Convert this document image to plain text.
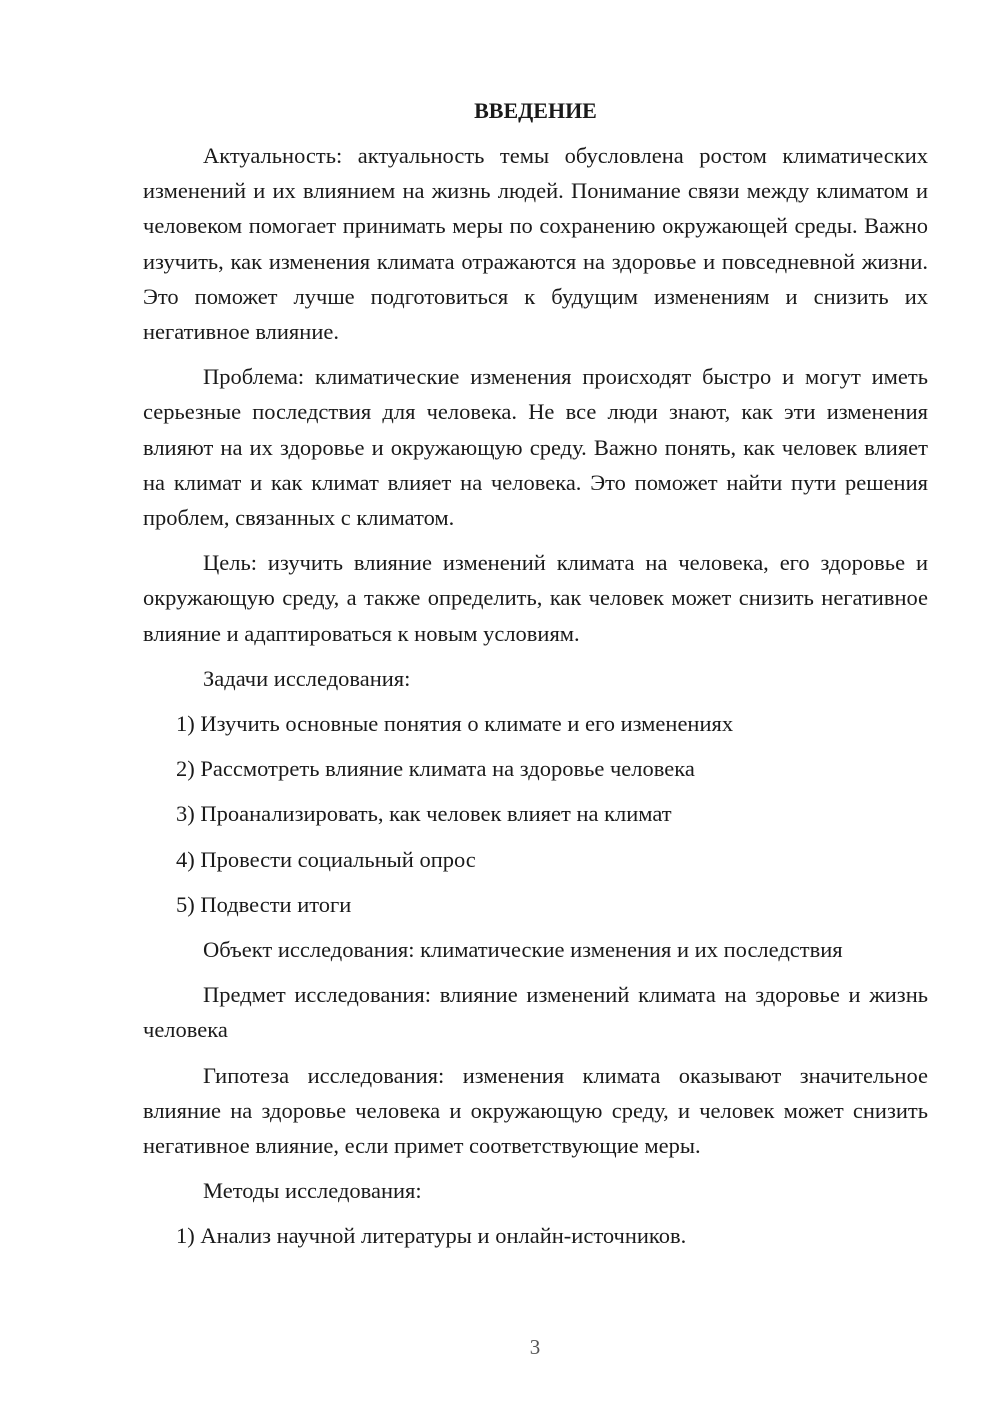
ВВЕДЕНИЕ

Актуальность: актуальность темы обусловлена ростом климатических изменений и их влиянием на жизнь людей. Понимание связи между климатом и человеком помогает принимать меры по сохранению окружающей среды. Важно изучить, как изменения климата отражаются на здоровье и повседневной жизни. Это поможет лучше подготовиться к будущим изменениям и снизить их негативное влияние.

Проблема: климатические изменения происходят быстро и могут иметь серьезные последствия для человека. Не все люди знают, как эти изменения влияют на их здоровье и окружающую среду. Важно понять, как человек влияет на климат и как климат влияет на человека. Это поможет найти пути решения проблем, связанных с климатом.

Цель: изучить влияние изменений климата на человека, его здоровье и окружающую среду, а также определить, как человек может снизить негативное влияние и адаптироваться к новым условиям.

Задачи исследования:

1) Изучить основные понятия о климате и его изменениях

2) Рассмотреть влияние климата на здоровье человека

3) Проанализировать, как человек влияет на климат

4) Провести социальный опрос

5) Подвести итоги

Объект исследования: климатические изменения и их последствия

Предмет исследования: влияние изменений климата на здоровье и жизнь человека

Гипотеза исследования: изменения климата оказывают значительное влияние на здоровье человека и окружающую среду, и человек может снизить негативное влияние, если примет соответствующие меры.

Методы исследования:

1) Анализ научной литературы и онлайн-источников.

3
